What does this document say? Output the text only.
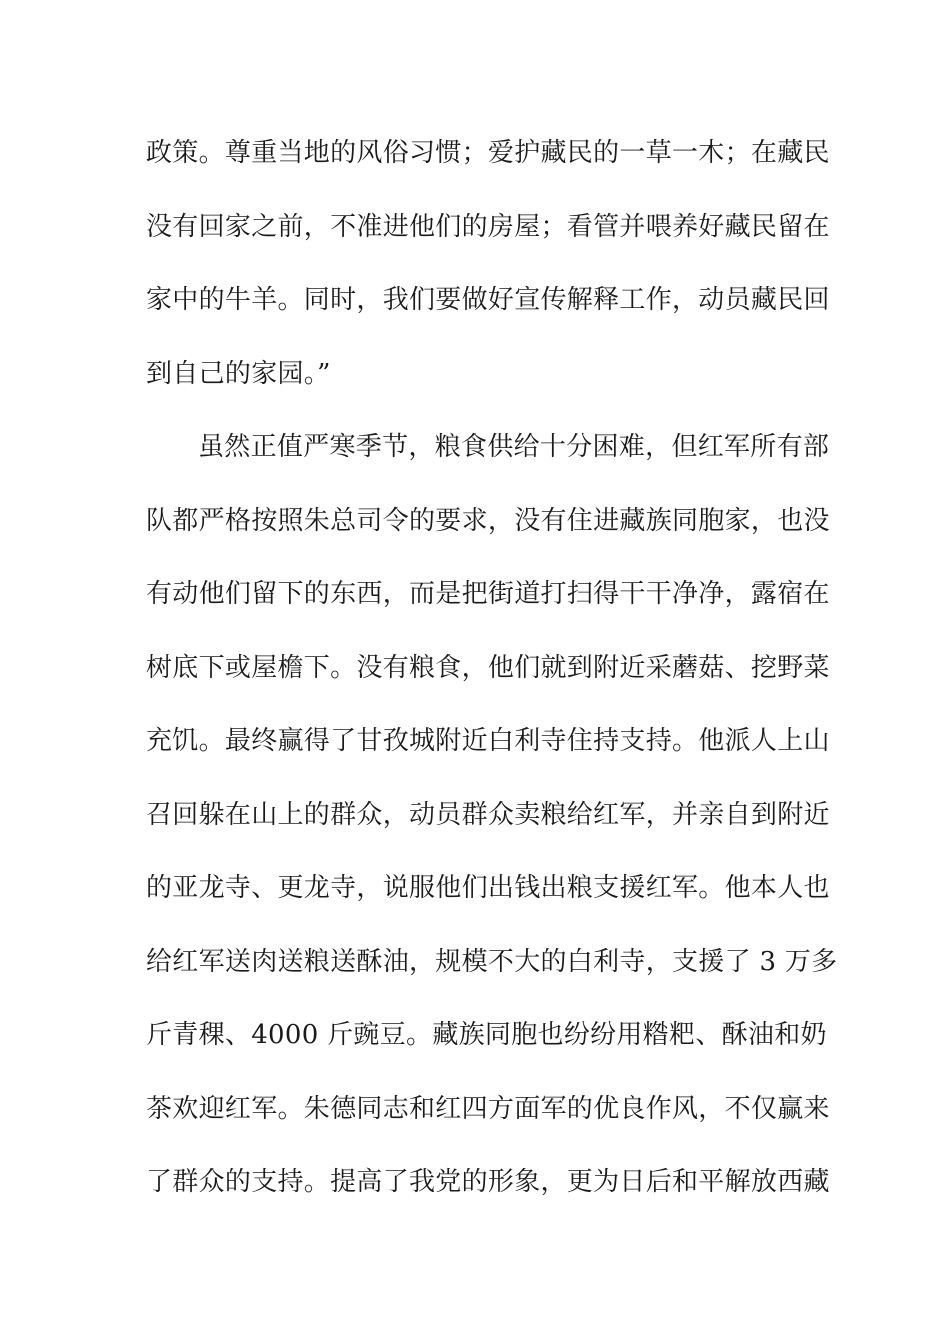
政策。尊重当地的风俗习惯；爱护藏民的一草一木；在藏民
没有回家之前，不准进他们的房屋；看管并喂养好藏民留在
家中的牛羊。同时，我们要做好宣传解释工作，动员藏民回
到自己的家园。”
虽然正值严寒季节，粮食供给十分困难，但红军所有部
队都严格按照朱总司令的要求，没有住进藏族同胞家，也没
有动他们留下的东西，而是把街道打扫得干干净净，露宿在
树底下或屋檐下。没有粮食，他们就到附近采蘑菇、挖野菜
充饥。最终赢得了甘孜城附近白利寺住持支持。他派人上山
召回躲在山上的群众，动员群众卖粮给红军，并亲自到附近
的亚龙寺、更龙寺，说服他们出钱出粮支援红军。他本人也
给红军送肉送粮送酥油，规模不大的白利寺，支援了 3 万多
斤青稞、4000 斤豌豆。藏族同胞也纷纷用糌粑、酥油和奶
茶欢迎红军。朱德同志和红四方面军的优良作风，不仅赢来
了群众的支持。提高了我党的形象，更为日后和平解放西藏
